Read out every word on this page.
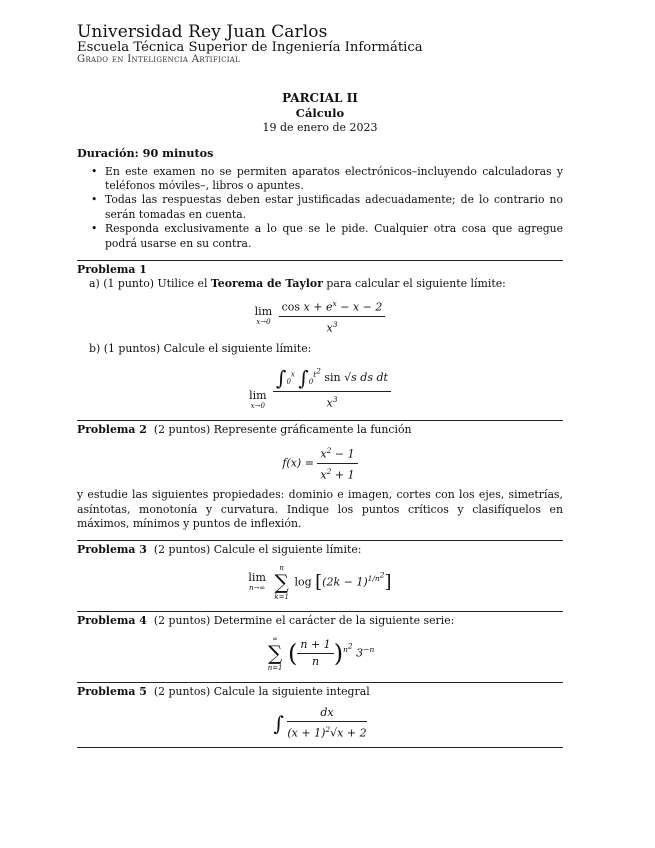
Universidad Rey Juan Carlos
Escuela Técnica Superior de Ingeniería Informática
Grado en Inteligencia Artificial
PARCIAL II
Cálculo
19 de enero de 2023
Duración: 90 minutos
• En este examen no se permiten aparatos electrónicos–incluyendo calculadoras y teléfonos móviles–, libros o apuntes.
• Todas las respuestas deben estar justificadas adecuadamente; de lo contrario no serán tomadas en cuenta.
• Responda exclusivamente a lo que se le pide. Cualquier otra cosa que agregue podrá usarse en su contra.
Problema 1
a) (1 punto) Utilice el Teorema de Taylor para calcular el siguiente límite:
lim
x→0
$\frac{\cos x + e^x - x - 2}{x^3}$
b) (1 puntos) Calcule el siguiente límite:
lim
x→0
$\frac{\int_0^x \int_0^{t^2} \sin √s ds dt}{x^3}$
Problema 2 (2 puntos) Represente gráficamente la función
$f(x) = \frac{x^2 - 1}{x^2 + 1}$
y estudie las siguientes propiedades: dominio e imagen, cortes con los ejes, simetrías, asíntotas, monotonía y curvatura. Indique los puntos críticos y clasifíquelos en máximos, mínimos y puntos de inflexión.
Problema 3 (2 puntos) Calcule el siguiente límite:
lim
n→∞

n
∑
k=1
$\log [(2k - 1)^{1/n^2}]$
Problema 4 (2 puntos) Determine el carácter de la siguiente serie:
∞
∑
n=1
( $\frac{n + 1}{n} )^{n^2}$ $3^{-n}$
Problema 5 (2 puntos) Calcule la siguiente integral
∫ $\frac{dx}{(x + 1)^2√x + 2}$
